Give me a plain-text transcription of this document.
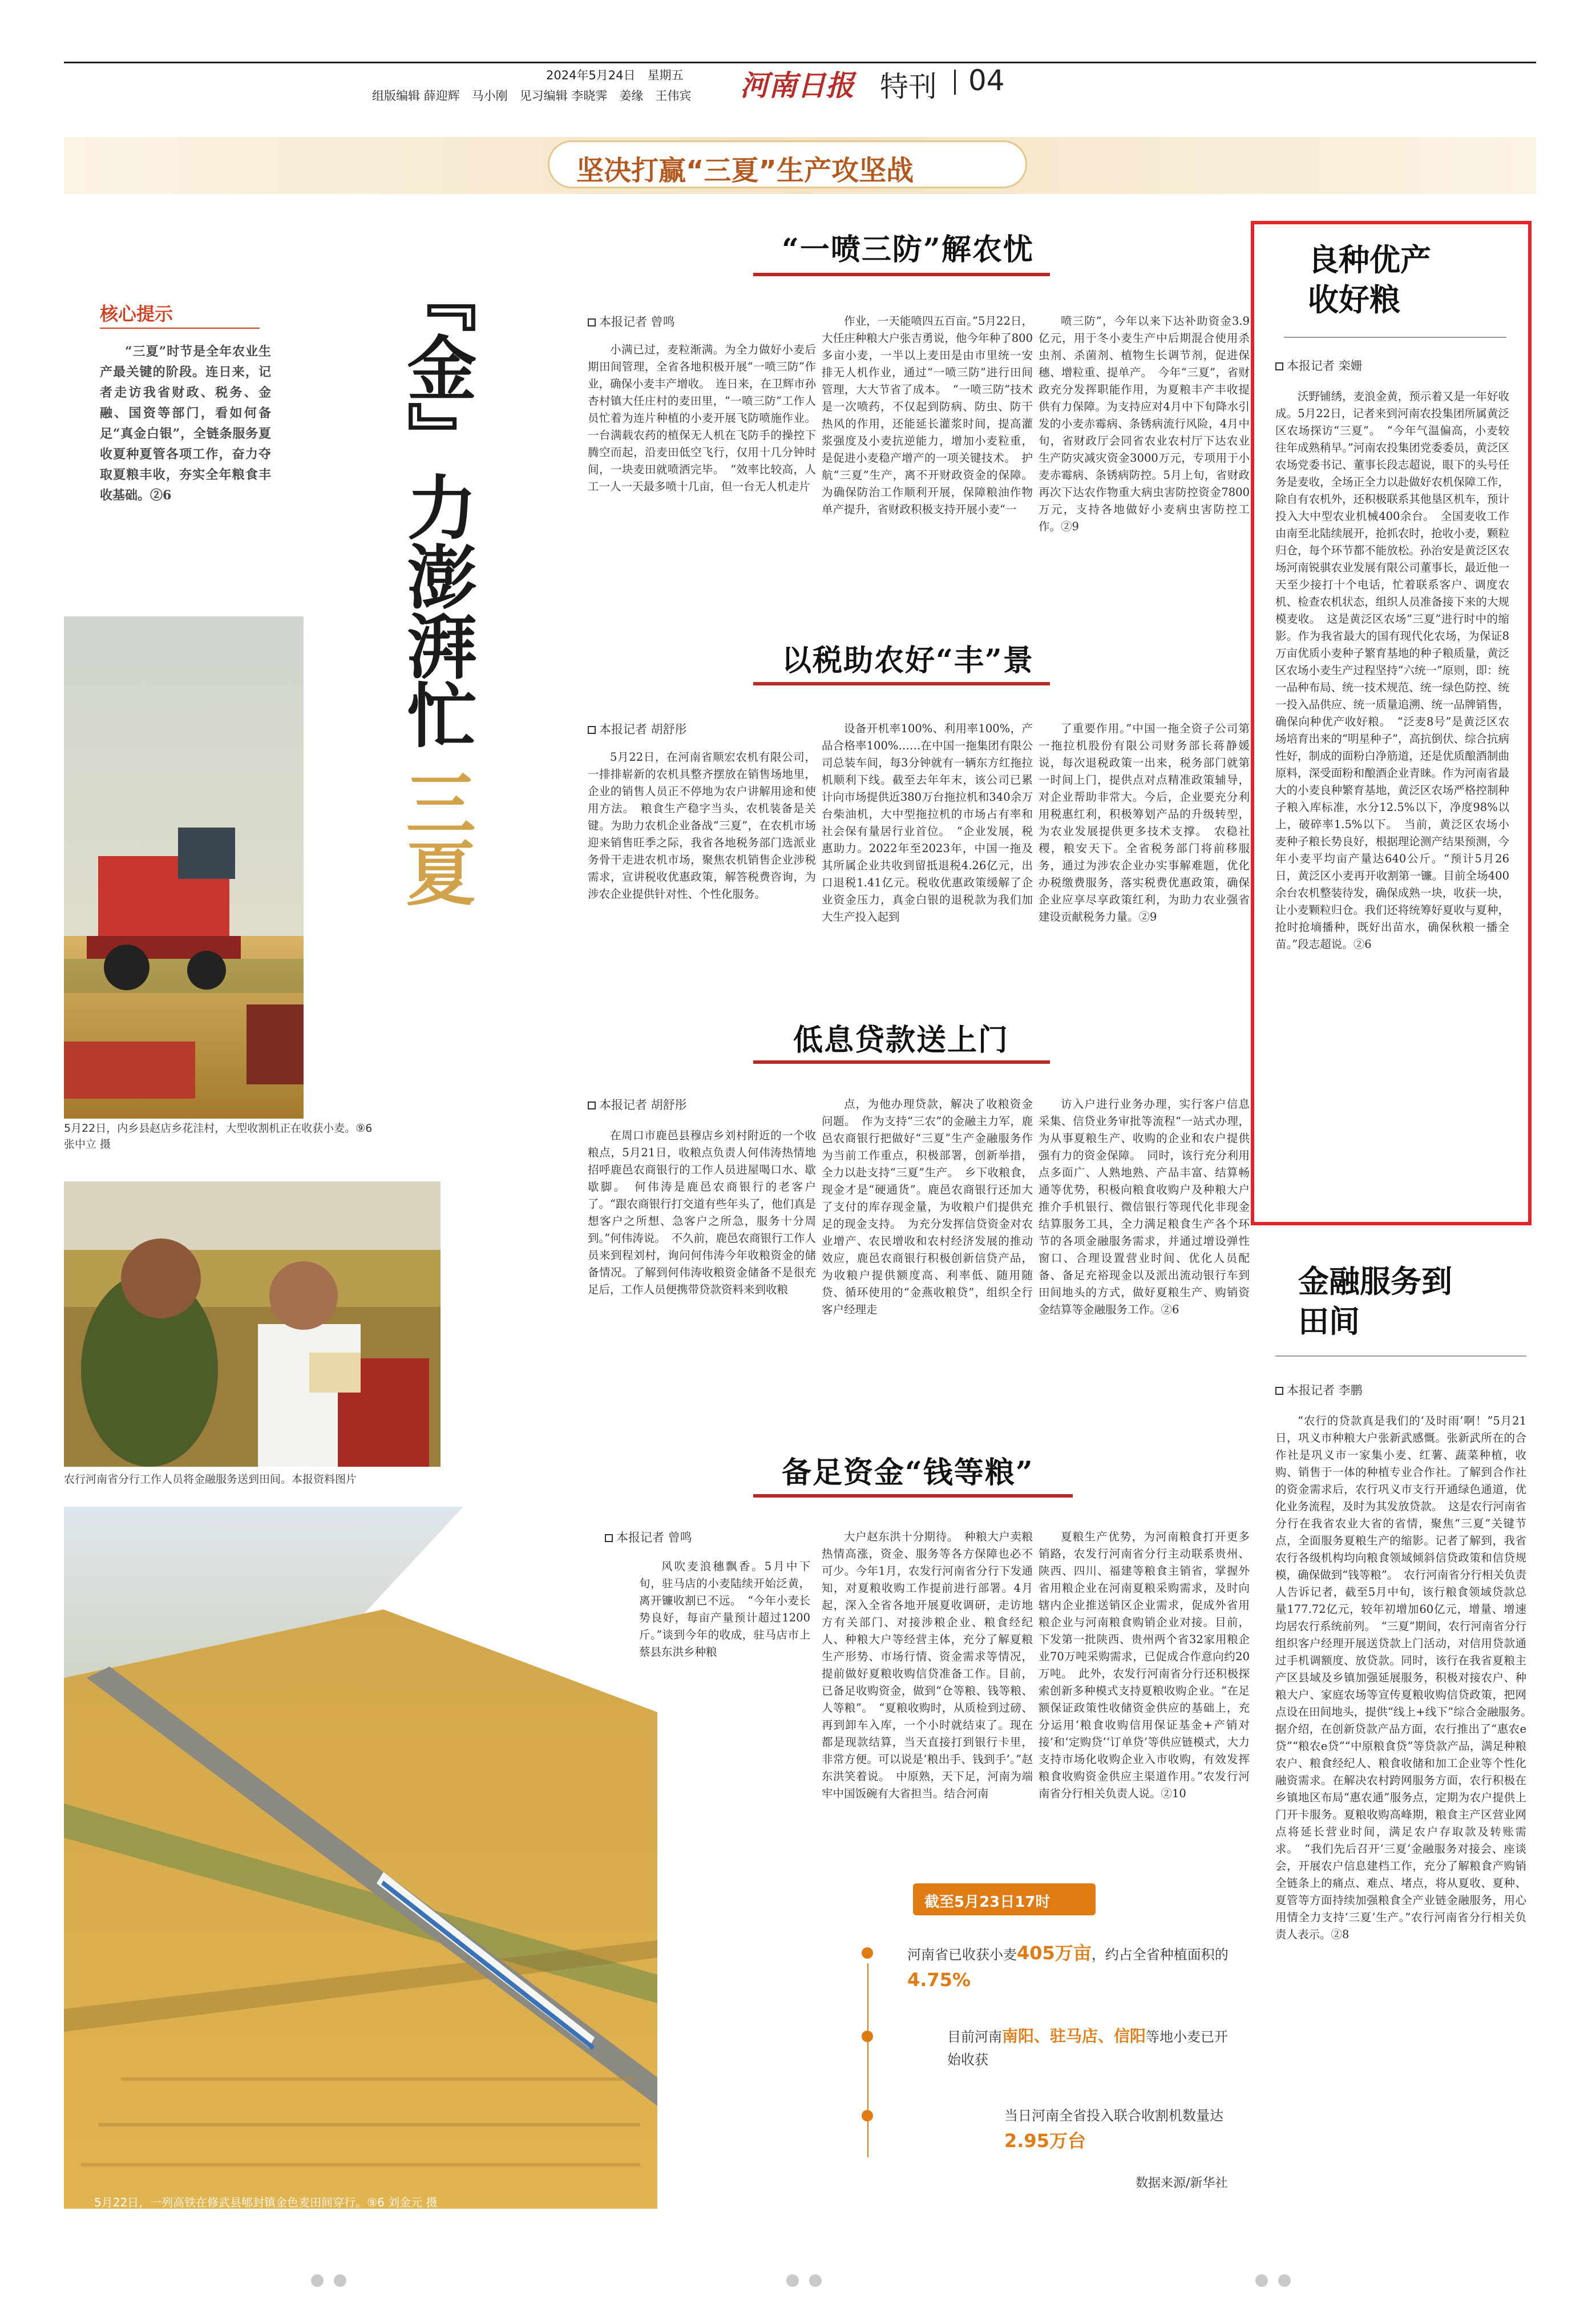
2024年5月24日　星期五
组版编辑 薛迎辉　马小刚　见习编辑 李晓霁　姜缘　王伟宾 河南日报 特刊 04
坚决打赢“三夏”生产攻坚战
核心提示
“三夏”时节是全年农业生产最关键的阶段。连日来，记者走访我省财政、税务、金融、国资等部门，看如何备足“真金白银”，全链条服务夏收夏种夏管各项工作，奋力夺取夏粮丰收，夯实全年粮食丰收基础。②6	『金』力澎湃
忙
三夏
5月22日，内乡县赵店乡花洼村，大型收割机正在收获小麦。⑨6 张中立 摄
农行河南省分行工作人员将金融服务送到田间。本报资料图片
5月22日，一列高铁在修武县郇封镇金色麦田间穿行。⑨6 刘金元 摄
“一喷三防”解农忧
本报记者 曾鸣
小满已过，麦粒渐满。为全力做好小麦后期田间管理，全省各地积极开展“一喷三防”作业，确保小麦丰产增收。　连日来，在卫辉市孙杏村镇大任庄村的麦田里，“一喷三防”工作人员忙着为连片种植的小麦开展飞防喷施作业。一台满载农药的植保无人机在飞防手的操控下腾空而起，沿麦田低空飞行，仅用十几分钟时间，一块麦田就喷洒完毕。　“效率比较高，人工一人一天最多喷十几亩，但一台无人机走片
作业，一天能喷四五百亩。”5月22日，大任庄种粮大户张吉勇说，他今年种了800多亩小麦，一半以上麦田是由市里统一安排无人机作业，通过“一喷三防”进行田间管理，大大节省了成本。　“一喷三防”技术是一次喷药，不仅起到防病、防虫、防干热风的作用，还能延长灌浆时间，提高灌浆强度及小麦抗逆能力，增加小麦粒重，是促进小麦稳产增产的一项关键技术。　护航“三夏”生产，离不开财政资金的保障。为确保防治工作顺利开展，保障粮油作物单产提升，省财政积极支持开展小麦“一
喷三防”，今年以来下达补助资金3.9亿元，用于冬小麦生产中后期混合使用杀虫剂、杀菌剂、植物生长调节剂，促进保穗、增粒重、提单产。　今年“三夏”，省财政充分发挥职能作用，为夏粮丰产丰收提供有力保障。为支持应对4月中下旬降水引发的小麦赤霉病、条锈病流行风险，4月中旬，省财政厅会同省农业农村厅下达农业生产防灾减灾资金3000万元，专项用于小麦赤霉病、条锈病防控。5月上旬，省财政再次下达农作物重大病虫害防控资金7800万元，支持各地做好小麦病虫害防控工作。②9
以税助农好“丰”景
本报记者 胡舒彤
5月22日，在河南省顺宏农机有限公司，一排排崭新的农机具整齐摆放在销售场地里，企业的销售人员正不停地为农户讲解用途和使用方法。　粮食生产稳字当头，农机装备是关键。为助力农机企业备战“三夏”，在农机市场迎来销售旺季之际，我省各地税务部门选派业务骨干走进农机市场，聚焦农机销售企业涉税需求，宣讲税收优惠政策，解答税费咨询，为涉农企业提供针对性、个性化服务。
设备开机率100%、利用率100%，产品合格率100%……在中国一拖集团有限公司总装车间，每3分钟就有一辆东方红拖拉机顺利下线。截至去年年末，该公司已累计向市场提供近380万台拖拉机和340余万台柴油机，大中型拖拉机的市场占有率和社会保有量居行业首位。　“企业发展，税惠助力。2022年至2023年，中国一拖及其所属企业共收到留抵退税4.26亿元，出口退税1.41亿元。税收优惠政策缓解了企业资金压力，真金白银的退税款为我们加大生产投入起到
了重要作用。”中国一拖全资子公司第一拖拉机股份有限公司财务部长蒋静媛说，每次退税政策一出来，税务部门就第一时间上门，提供点对点精准政策辅导，对企业帮助非常大。今后，企业要充分利用税惠红利，积极筹划产品的升级转型，为农业发展提供更多技术支撑。　农稳社稷，粮安天下。全省税务部门将前移服务，通过为涉农企业办实事解难题，优化办税缴费服务，落实税费优惠政策，确保企业应享尽享政策红利，为助力农业强省建设贡献税务力量。②9
低息贷款送上门
本报记者 胡舒彤
在周口市鹿邑县穆店乡刘村附近的一个收粮点，5月21日，收粮点负责人何伟涛热情地招呼鹿邑农商银行的工作人员进屋喝口水、歇歇脚。　何伟涛是鹿邑农商银行的老客户了。“跟农商银行打交道有些年头了，他们真是想客户之所想、急客户之所急，服务十分周到。”何伟涛说。　不久前，鹿邑农商银行工作人员来到程刘村，询问何伟涛今年收粮资金的储备情况。了解到何伟涛收粮资金储备不是很充足后，工作人员便携带贷款资料来到收粮
点，为他办理贷款，解决了收粮资金问题。　作为支持“三农”的金融主力军，鹿邑农商银行把做好“三夏”生产金融服务作为当前工作重点，积极部署，创新举措，全力以赴支持“三夏”生产。　乡下收粮食，现金才是“硬通货”。鹿邑农商银行还加大了支付的库存现金量，为收粮户们提供充足的现金支持。　为充分发挥信贷资金对农业增产、农民增收和农村经济发展的推动效应，鹿邑农商银行积极创新信贷产品，为收粮户提供额度高、利率低、随用随贷、循环使用的“金燕收粮贷”，组织全行客户经理走
访入户进行业务办理，实行客户信息采集、信贷业务审批等流程“一站式办理，为从事夏粮生产、收购的企业和农户提供强有力的资金保障。　同时，该行充分利用点多面广、人熟地熟、产品丰富、结算畅通等优势，积极向粮食收购户及种粮大户推介手机银行、微信银行等现代化非现金结算服务工具，全力满足粮食生产各个环节的各项金融服务需求，并通过增设弹性窗口、合理设置营业时间、优化人员配备、备足充裕现金以及派出流动银行车到田间地头的方式，做好夏粮生产、购销资金结算等金融服务工作。②6
备足资金“钱等粮”
本报记者 曾鸣
风吹麦浪穗飘香。5月中下旬，驻马店的小麦陆续开始泛黄，离开镰收割已不远。　“今年小麦长势良好，每亩产量预计超过1200斤。”谈到今年的收成，驻马店市上蔡县东洪乡种粮
大户赵东洪十分期待。　种粮大户卖粮热情高涨，资金、服务等各方保障也必不可少。今年1月，农发行河南省分行下发通知，对夏粮收购工作提前进行部署。4月起，深入全省各地开展夏收调研，走访地方有关部门、对接涉粮企业、粮食经纪人、种粮大户等经营主体，充分了解夏粮生产形势、市场行情、资金需求等情况，提前做好夏粮收购信贷准备工作。目前，已备足收购资金，做到“仓等粮、钱等粮、人等粮”。　“夏粮收购时，从质检到过磅、再到卸车入库，一个小时就结束了。现在都是现款结算，当天直接打到银行卡里，非常方便。可以说是‘粮出手、钱到手’。”赵东洪笑着说。　中原熟，天下足，河南为端牢中国饭碗有大省担当。结合河南
夏粮生产优势，为河南粮食打开更多销路，农发行河南省分行主动联系贵州、陕西、四川、福建等粮食主销省，掌握外省用粮企业在河南夏粮采购需求，及时向辖内企业推送销区企业需求，促成外省用粮企业与河南粮食购销企业对接。目前，下发第一批陕西、贵州两个省32家用粮企业70万吨采购需求，已促成合作意向约20万吨。　此外，农发行河南省分行还积极探索创新多种模式支持夏粮收购企业。“在足额保证政策性收储资金供应的基础上，充分运用‘粮食收购信用保证基金+产销对接’和‘定购贷’‘订单贷’等供应链模式，大力支持市场化收购企业入市收购，有效发挥粮食收购资金供应主渠道作用。”农发行河南省分行相关负责人说。②10
截至5月23日17时
河南省已收获小麦405万亩，约占全省种植面积的
4.75%
目前河南南阳、驻马店、信阳等地小麦已开始收获
当日河南全省投入联合收割机数量达2.95万台
数据来源/新华社
良种优产收好粮
本报记者 栾姗
沃野铺绣，麦浪金黄，预示着又是一年好收成。5月22日，记者来到河南农投集团所属黄泛区农场探访“三夏”。　“今年气温偏高，小麦较往年成熟稍早。”河南农投集团党委委员，黄泛区农场党委书记、董事长段志超说，眼下的头号任务是麦收，全场正全力以赴做好农机保障工作，除自有农机外，还积极联系其他垦区机车，预计投入大中型农业机械400余台。　全国麦收工作由南至北陆续展开，抢抓农时，抢收小麦，颗粒归仓，每个环节都不能放松。孙治安是黄泛区农场河南锐骐农业发展有限公司董事长，最近他一天至少接打十个电话，忙着联系客户、调度农机、检查农机状态，组织人员准备接下来的大规模麦收。　这是黄泛区农场“三夏”进行时中的缩影。作为我省最大的国有现代化农场，为保证8万亩优质小麦种子繁育基地的种子粮质量，黄泛区农场小麦生产过程坚持“六统一”原则，即：统一品种布局、统一技术规范、统一绿色防控、统一投入品供应、统一质量追溯、统一品牌销售，确保向种优产收好粮。　“泛麦8号”是黄泛区农场培育出来的“明星种子”，高抗倒伏、综合抗病性好，制成的面粉白净筋道，还是优质酿酒制曲原料，深受面粉和酿酒企业青睐。作为河南省最大的小麦良种繁育基地，黄泛区农场严格控制种子粮入库标准，水分12.5%以下，净度98%以上，破碎率1.5%以下。　当前，黄泛区农场小麦种子粮长势良好，根据理论测产结果预测，今年小麦平均亩产量达640公斤。“预计5月26日，黄泛区小麦再开收割第一镰。目前全场400余台农机整装待发，确保成熟一块，收获一块，让小麦颗粒归仓。我们还将统筹好夏收与夏种，抢时抢墒播种，既好出苗水，确保秋粮一播全苗。”段志超说。②6
金融服务到田间
本报记者 李鹏
“农行的贷款真是我们的‘及时雨’啊！”5月21日，巩义市种粮大户张新武感慨。张新武所在的合作社是巩义市一家集小麦、红薯、蔬菜种植，收购、销售于一体的种植专业合作社。了解到合作社的资金需求后，农行巩义市支行开通绿色通道，优化业务流程，及时为其发放贷款。　这是农行河南省分行在我省农业大省的省情，聚焦“三夏”关键节点，全面服务夏粮生产的缩影。记者了解到，我省农行各级机构均向粮食领域倾斜信贷政策和信贷规模，确保做到“钱等粮”。　农行河南省分行相关负责人告诉记者，截至5月中旬，该行粮食领域贷款总量177.72亿元，较年初增加60亿元，增量、增速均居农行系统前列。　“三夏”期间，农行河南省分行组织客户经理开展送贷款上门活动，对信用贷款通过手机调额度、放贷款。同时，该行在我省夏粮主产区县域及乡镇加强延展服务，积极对接农户、种粮大户、家庭农场等宣传夏粮收购信贷政策，把网点设在田间地头，提供“线上+线下”综合金融服务。　据介绍，在创新贷款产品方面，农行推出了“惠农e贷”“粮农e贷”“中原粮食贷”等贷款产品，满足种粮农户、粮食经纪人、粮食收储和加工企业等个性化融资需求。在解决农村跨网服务方面，农行积极在乡镇地区布局“惠农通”服务点，定期为农户提供上门开卡服务。夏粮收购高峰期，粮食主产区营业网点将延长营业时间，满足农户存取款及转账需求。　“我们先后召开‘三夏’金融服务对接会、座谈会，开展农户信息建档工作，充分了解粮食产购销全链条上的痛点、难点、堵点，将从夏收、夏种、夏管等方面持续加强粮食全产业链金融服务，用心用情全力支持‘三夏’生产。”农行河南省分行相关负责人表示。②8
